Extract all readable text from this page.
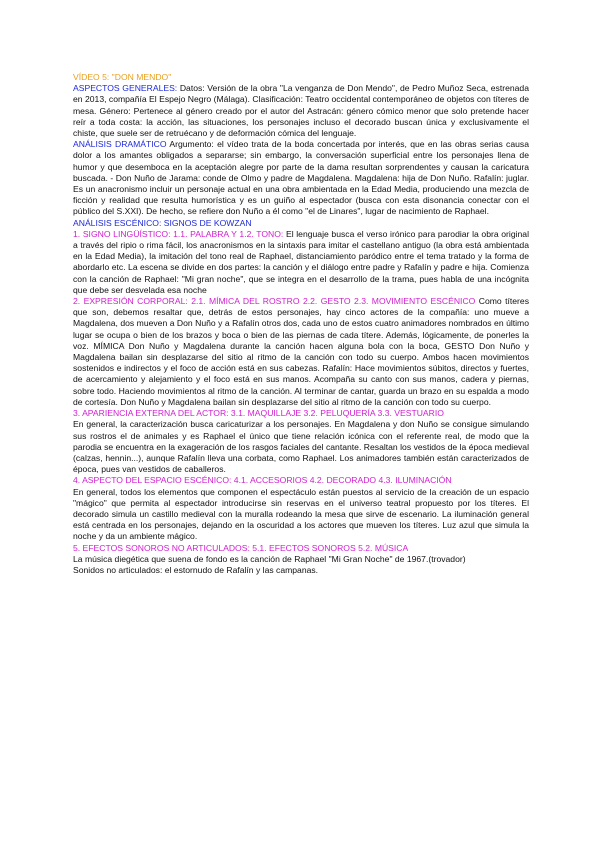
VÍDEO 5: "DON MENDO"

ASPECTOS GENERALES: Datos: Versión de la obra "La venganza de Don Mendo", de Pedro Muñoz Seca, estrenada en 2013, compañía El Espejo Negro (Málaga). Clasificación: Teatro occidental contemporáneo de objetos con títeres de mesa. Género: Pertenece al género creado por el autor del Astracán: género cómico menor que solo pretende hacer reír a toda costa: la acción, las situaciones, los personajes incluso el decorado buscan única y exclusivamente el chiste, que suele ser de retruécano y de deformación cómica del lenguaje.

ANÁLISIS DRAMÁTICO Argumento: el vídeo trata de la boda concertada por interés, que en las obras serias causa dolor a los amantes obligados a separarse; sin embargo, la conversación superficial entre los personajes llena de humor y que desemboca en la aceptación alegre por parte de la dama resultan sorprendentes y causan la caricatura buscada. - Don Nuño de Jarama: conde de Olmo y padre de Magdalena. Magdalena: hija de Don Nuño. Rafalín: juglar. Es un anacronismo incluir un personaje actual en una obra ambientada en la Edad Media, produciendo una mezcla de ficción y realidad que resulta humorística y es un guiño al espectador (busca con esta disonancia conectar con el público del S.XXI). De hecho, se refiere don Nuño a él como "el de Linares", lugar de nacimiento de Raphael.

ANÁLISIS ESCÉNICO: SIGNOS DE KOWZAN

1. SIGNO LINGÜÍSTICO: 1.1. PALABRA Y 1.2. TONO: El lenguaje busca el verso irónico para parodiar la obra original a través del ripio o rima fácil, los anacronismos en la sintaxis para imitar el castellano antiguo (la obra está ambientada en la Edad Media), la imitación del tono real de Raphael, distanciamiento paródico entre el tema tratado y la forma de abordarlo etc. La escena se divide en dos partes: la canción y el diálogo entre padre y Rafalín y padre e hija. Comienza con la canción de Raphael: "Mi gran noche", que se integra en el desarrollo de la trama, pues habla de una incógnita que debe ser desvelada esa noche

2. EXPRESIÓN CORPORAL: 2.1. MÍMICA DEL ROSTRO 2.2. GESTO 2.3. MOVIMIENTO ESCÉNICO Como títeres que son, debemos resaltar que, detrás de estos personajes, hay cinco actores de la compañía: uno mueve a Magdalena, dos mueven a Don Nuño y a Rafalín otros dos, cada uno de estos cuatro animadores nombrados en último lugar se ocupa o bien de los brazos y boca o bien de las piernas de cada títere. Además, lógicamente, de ponerles la voz. MÍMICA Don Nuño y Magdalena durante la canción hacen alguna bola con la boca, GESTO Don Nuño y Magdalena bailan sin desplazarse del sitio al ritmo de la canción con todo su cuerpo. Ambos hacen movimientos sostenidos e indirectos y el foco de acción está en sus cabezas. Rafalín: Hace movimientos súbitos, directos y fuertes, de acercamiento y alejamiento y el foco está en sus manos. Acompaña su canto con sus manos, cadera y piernas, sobre todo. Haciendo movimientos al ritmo de la canción. Al terminar de cantar, guarda un brazo en su espalda a modo de cortesía. Don Nuño y Magdalena bailan sin desplazarse del sitio al ritmo de la canción con todo su cuerpo.

3. APARIENCIA EXTERNA DEL ACTOR: 3.1. MAQUILLAJE 3.2. PELUQUERÍA 3.3. VESTUARIO

En general, la caracterización busca caricaturizar a los personajes. En Magdalena y don Nuño se consigue simulando sus rostros el de animales y es Raphael el único que tiene relación icónica con el referente real, de modo que la parodia se encuentra en la exageración de los rasgos faciales del cantante. Resaltan los vestidos de la época medieval (calzas, hennin...), aunque Rafalín lleva una corbata, como Raphael. Los animadores también están caracterizados de época, pues van vestidos de caballeros.

4. ASPECTO DEL ESPACIO ESCÉNICO: 4.1. ACCESORIOS 4.2. DECORADO 4.3. ILUMINACIÓN

En general, todos los elementos que componen el espectáculo están puestos al servicio de la creación de un espacio "mágico" que permita al espectador introducirse sin reservas en el universo teatral propuesto por los títeres. El decorado simula un castillo medieval con la muralla rodeando la mesa que sirve de escenario. La iluminación general está centrada en los personajes, dejando en la oscuridad a los actores que mueven los títeres. Luz azul que simula la noche y da un ambiente mágico.

5. EFECTOS SONOROS NO ARTICULADOS: 5.1. EFECTOS SONOROS 5.2. MÚSICA

La música diegética que suena de fondo es la canción de Raphael "Mi Gran Noche" de 1967.(trovador)
Sonidos no articulados: el estornudo de Rafalín y las campanas.
